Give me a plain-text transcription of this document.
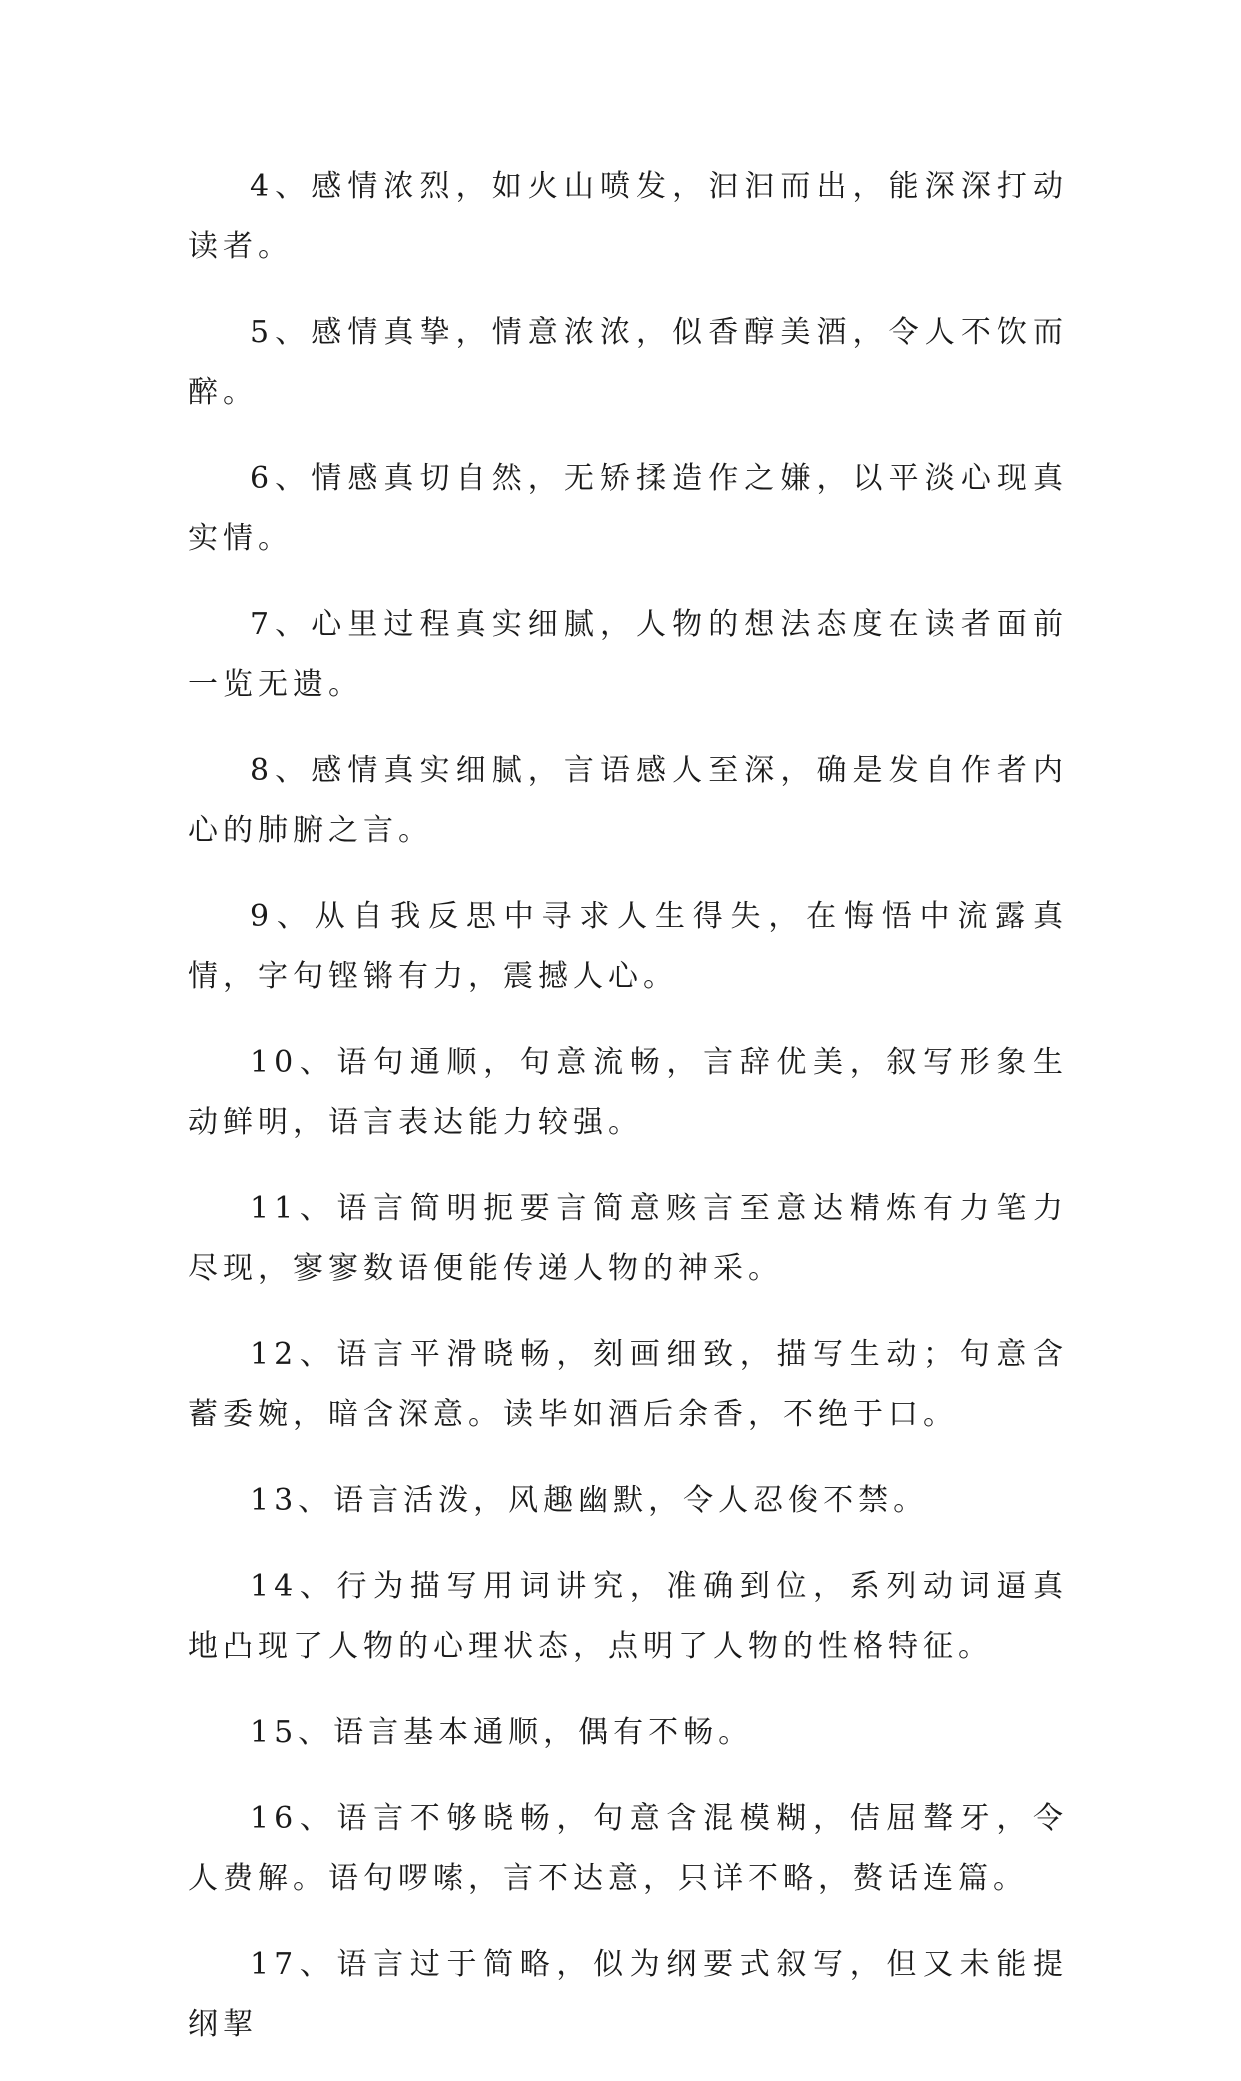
4、感情浓烈，如火山喷发，汩汩而出，能深深打动读者。

5、感情真挚，情意浓浓，似香醇美酒，令人不饮而醉。

6、情感真切自然，无矫揉造作之嫌，以平淡心现真实情。

7、心里过程真实细腻，人物的想法态度在读者面前一览无遗。

8、感情真实细腻，言语感人至深，确是发自作者内心的肺腑之言。

9、从自我反思中寻求人生得失，在悔悟中流露真情，字句铿锵有力，震撼人心。

10、语句通顺，句意流畅，言辞优美，叙写形象生动鲜明，语言表达能力较强。

11、语言简明扼要言简意赅言至意达精炼有力笔力尽现，寥寥数语便能传递人物的神采。

12、语言平滑晓畅，刻画细致，描写生动；句意含蓄委婉，暗含深意。读毕如酒后余香，不绝于口。

13、语言活泼，风趣幽默，令人忍俊不禁。

14、行为描写用词讲究，准确到位，系列动词逼真地凸现了人物的心理状态，点明了人物的性格特征。

15、语言基本通顺，偶有不畅。

16、语言不够晓畅，句意含混模糊，佶屈聱牙，令人费解。语句啰嗦，言不达意，只详不略，赘话连篇。

17、语言过于简略，似为纲要式叙写，但又未能提纲挈
